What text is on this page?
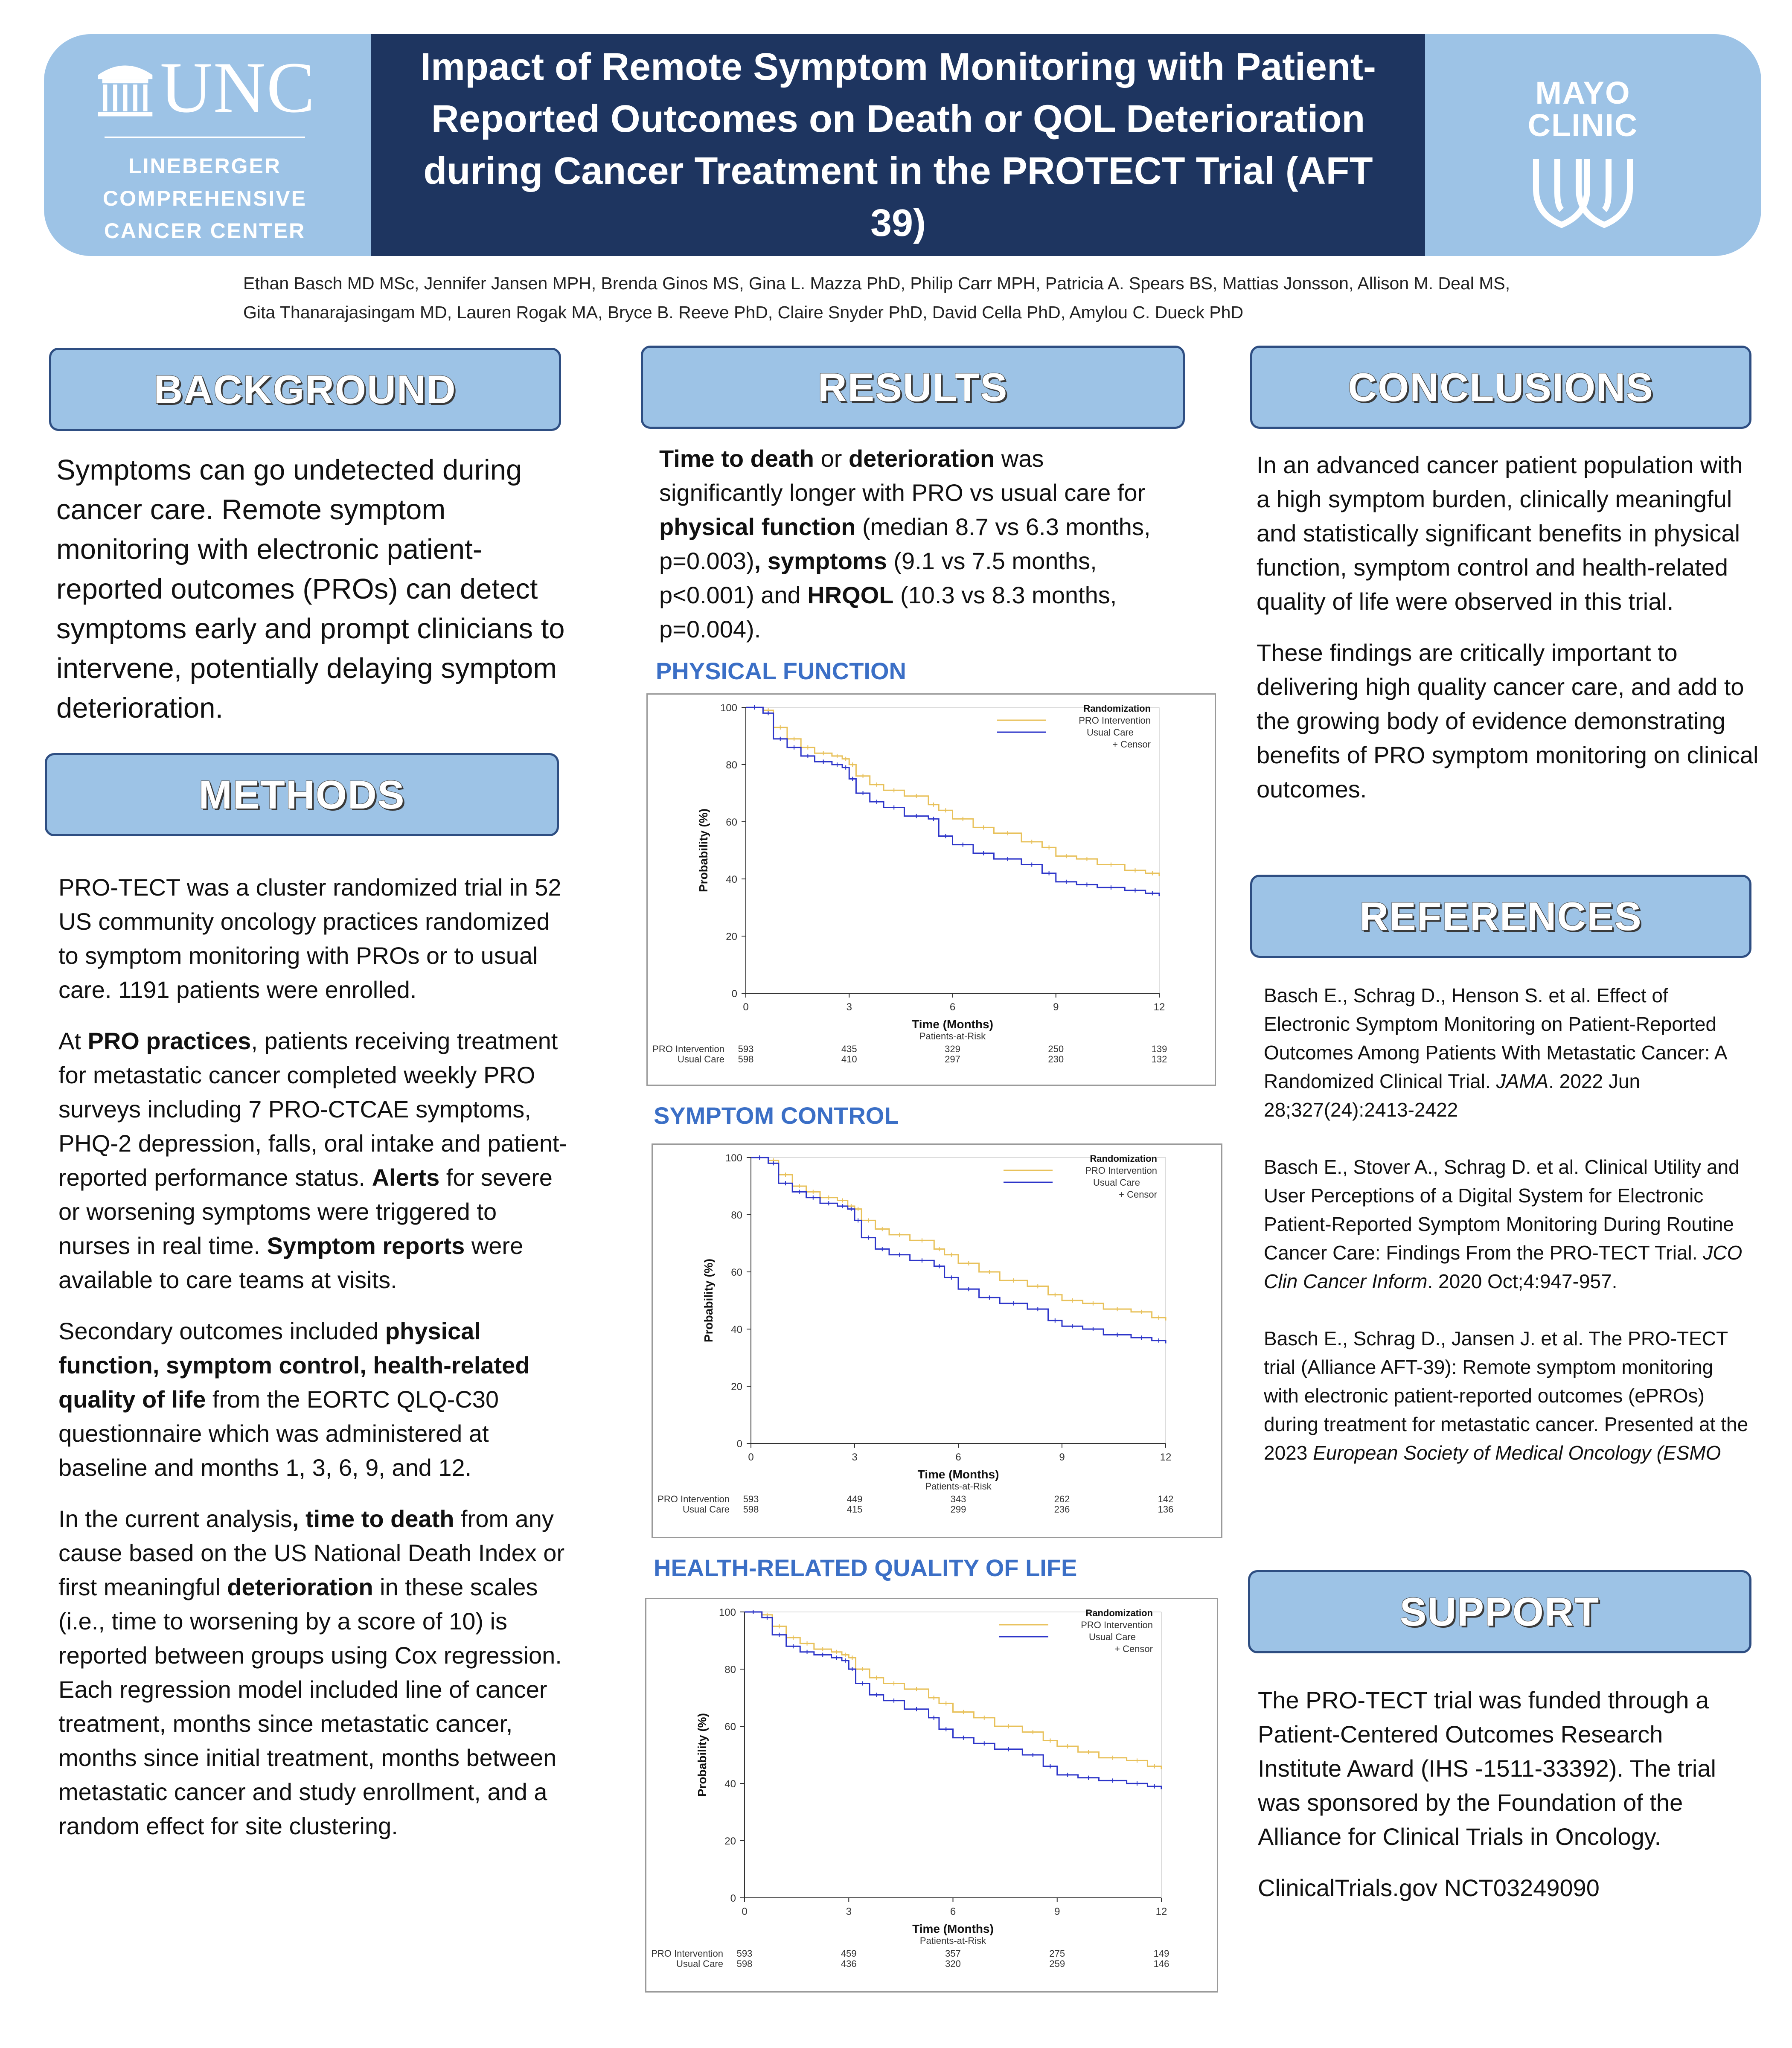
UNC
LINEBERGER
COMPREHENSIVE
CANCER CENTER
Impact of Remote Symptom Monitoring with Patient-
Reported Outcomes on Death or QOL Deterioration
during Cancer Treatment in the PROTECT Trial (AFT 39)
MAYO
CLINIC
Ethan Basch MD MSc, Jennifer Jansen MPH, Brenda Ginos MS, Gina L. Mazza PhD, Philip Carr MPH, Patricia A. Spears BS, Mattias Jonsson, Allison M. Deal MS,
Gita Thanarajasingam MD, Lauren Rogak MA, Bryce B. Reeve PhD, Claire Snyder PhD, David Cella PhD, Amylou C. Dueck PhD
BACKGROUND
Symptoms can go undetected during cancer care. Remote symptom monitoring with electronic patient-reported outcomes (PROs) can detect symptoms early and prompt clinicians to intervene, potentially delaying symptom deterioration.
METHODS

PRO-TECT was a cluster randomized trial in 52 US community oncology practices randomized to symptom monitoring with PROs or to usual care. 1191 patients were enrolled.

At PRO practices, patients receiving treatment for metastatic cancer completed weekly PRO surveys including 7 PRO-CTCAE symptoms, PHQ-2 depression, falls, oral intake and patient-reported performance status. Alerts for severe or worsening symptoms were triggered to nurses in real time. Symptom reports were available to care teams at visits.

Secondary outcomes included physical function, symptom control, health-related quality of life from the EORTC QLQ-C30 questionnaire which was administered at baseline and months 1, 3, 6, 9, and 12.

In the current analysis, time to death from any cause based on the US National Death Index or first meaningful deterioration in these scales (i.e., time to worsening by a score of 10) is reported between groups using Cox regression. Each regression model included line of cancer treatment, months since metastatic cancer, months since initial treatment, months between metastatic cancer and study enrollment, and a random effect for site clustering.

RESULTS
Time to death or deterioration was significantly longer with PRO vs usual care for physical function (median 8.7 vs 6.3 months, p=0.003), symptoms (9.1 vs 7.5 months, p<0.001) and HRQOL (10.3 vs 8.3 months, p=0.004).
PHYSICAL FUNCTION
0
20
40
60
80
100
0	3	6	9	12
Probability (%)
Time (Months)
Patients-at-Risk
PRO Intervention 593	435	329	250	139
Usual Care 598	410	297	230	132
Randomization
PRO Intervention
Usual Care
+ Censor
SYMPTOM CONTROL
0
20
40
60
80
100
0	3	6	9	12
Probability (%)
Time (Months)
Patients-at-Risk
PRO Intervention 593	449	343	262	142
Usual Care 598	415	299	236	136
Randomization
PRO Intervention
Usual Care
+ Censor
HEALTH-RELATED QUALITY OF LIFE
0
20
40
60
80
100
0	3	6	9	12
Probability (%)
Time (Months)
Patients-at-Risk
PRO Intervention 593	459	357	275	149
Usual Care 598	436	320	259	146
Randomization
PRO Intervention
Usual Care
+ Censor
CONCLUSIONS

In an advanced cancer patient population with a high symptom burden, clinically meaningful and statistically significant benefits in physical function, symptom control and health-related quality of life were observed in this trial.

These findings are critically important to delivering high quality cancer care, and add to the growing body of evidence demonstrating benefits of PRO symptom monitoring on clinical outcomes.

REFERENCES

Basch E., Schrag D., Henson S. et al. Effect of Electronic Symptom Monitoring on Patient-Reported Outcomes Among Patients With Metastatic Cancer: A Randomized Clinical Trial. JAMA. 2022 Jun 28;327(24):2413-2422

Basch E., Stover A., Schrag D. et al. Clinical Utility and User Perceptions of a Digital System for Electronic Patient-Reported Symptom Monitoring During Routine Cancer Care: Findings From the PRO-TECT Trial. JCO Clin Cancer Inform. 2020 Oct;4:947-957.

Basch E., Schrag D., Jansen J. et al. The PRO-TECT trial (Alliance AFT-39): Remote symptom monitoring with electronic patient-reported outcomes (ePROs) during treatment for metastatic cancer. Presented at the 2023 European Society of Medical Oncology (ESMO

SUPPORT

The PRO-TECT trial was funded through a Patient-Centered Outcomes Research Institute Award (IHS -1511-33392). The trial was sponsored by the Foundation of the Alliance for Clinical Trials in Oncology.

ClinicalTrials.gov NCT03249090
